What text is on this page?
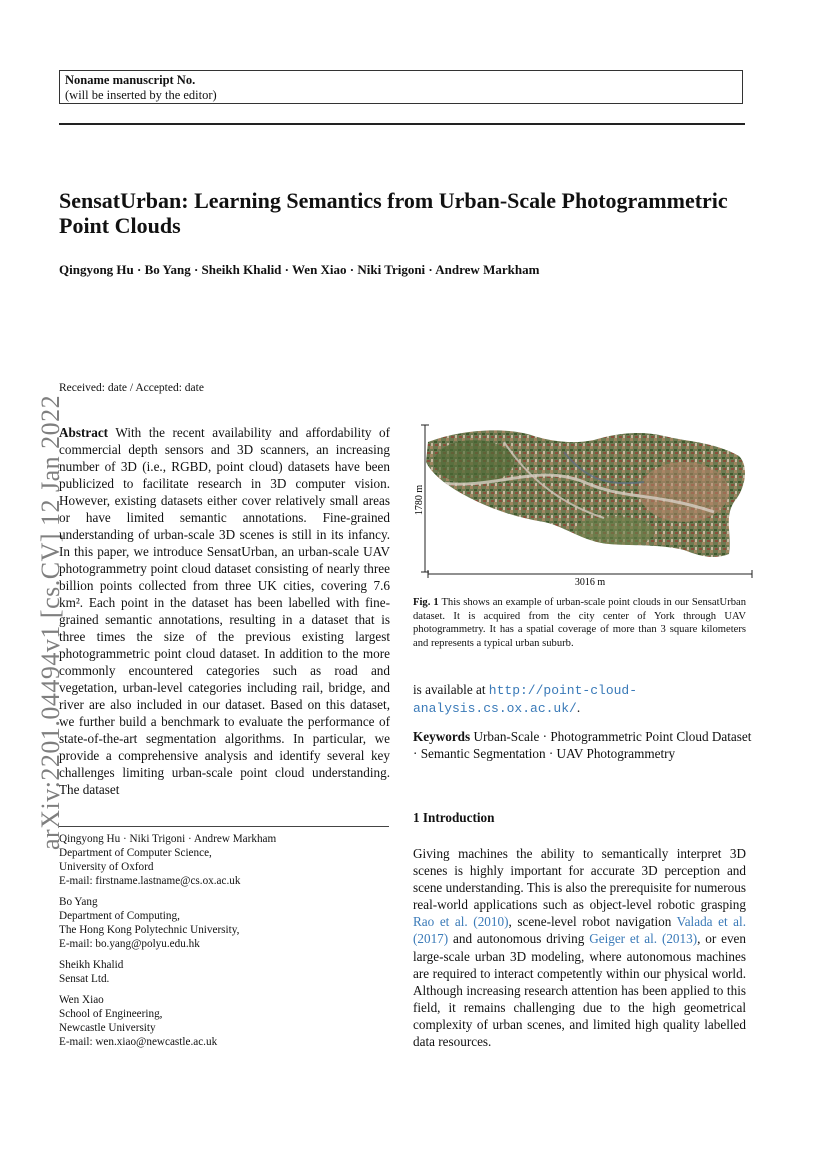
Noname manuscript No.
(will be inserted by the editor)
SensatUrban: Learning Semantics from Urban-Scale Photogrammetric Point Clouds
Qingyong Hu · Bo Yang · Sheikh Khalid · Wen Xiao · Niki Trigoni · Andrew Markham
arXiv:2201.04494v1 [cs.CV] 12 Jan 2022
Received: date / Accepted: date
Abstract With the recent availability and affordability of commercial depth sensors and 3D scanners, an increasing number of 3D (i.e., RGBD, point cloud) datasets have been publicized to facilitate research in 3D computer vision. However, existing datasets either cover relatively small areas or have limited semantic annotations. Fine-grained understanding of urban-scale 3D scenes is still in its infancy. In this paper, we introduce SensatUrban, an urban-scale UAV photogrammetry point cloud dataset consisting of nearly three billion points collected from three UK cities, covering 7.6 km². Each point in the dataset has been labelled with fine-grained semantic annotations, resulting in a dataset that is three times the size of the previous existing largest photogrammetric point cloud dataset. In addition to the more commonly encountered categories such as road and vegetation, urban-level categories including rail, bridge, and river are also included in our dataset. Based on this dataset, we further build a benchmark to evaluate the performance of state-of-the-art segmentation algorithms. In particular, we provide a comprehensive analysis and identify several key challenges limiting urban-scale point cloud understanding. The dataset
Qingyong Hu · Niki Trigoni · Andrew Markham
Department of Computer Science,
University of Oxford
E-mail: firstname.lastname@cs.ox.ac.uk
Bo Yang
Department of Computing,
The Hong Kong Polytechnic University,
E-mail: bo.yang@polyu.edu.hk
Sheikh Khalid
Sensat Ltd.
Wen Xiao
School of Engineering,
Newcastle University
E-mail: wen.xiao@newcastle.ac.uk
1780 m
3016 m
Fig. 1 This shows an example of urban-scale point clouds in our SensatUrban dataset. It is acquired from the city center of York through UAV photogrammetry. It has a spatial coverage of more than 3 square kilometers and represents a typical urban suburb.
is available at http://point-cloud-analysis.cs.ox.ac.uk/.
Keywords Urban-Scale · Photogrammetric Point Cloud Dataset · Semantic Segmentation · UAV Photogrammetry
1 Introduction
Giving machines the ability to semantically interpret 3D scenes is highly important for accurate 3D perception and scene understanding. This is also the prerequisite for numerous real-world applications such as object-level robotic grasping Rao et al. (2010), scene-level robot navigation Valada et al. (2017) and autonomous driving Geiger et al. (2013), or even large-scale urban 3D modeling, where autonomous machines are required to interact competently within our physical world. Although increasing research attention has been applied to this field, it remains challenging due to the high geometrical complexity of urban scenes, and limited high quality labelled data resources.
